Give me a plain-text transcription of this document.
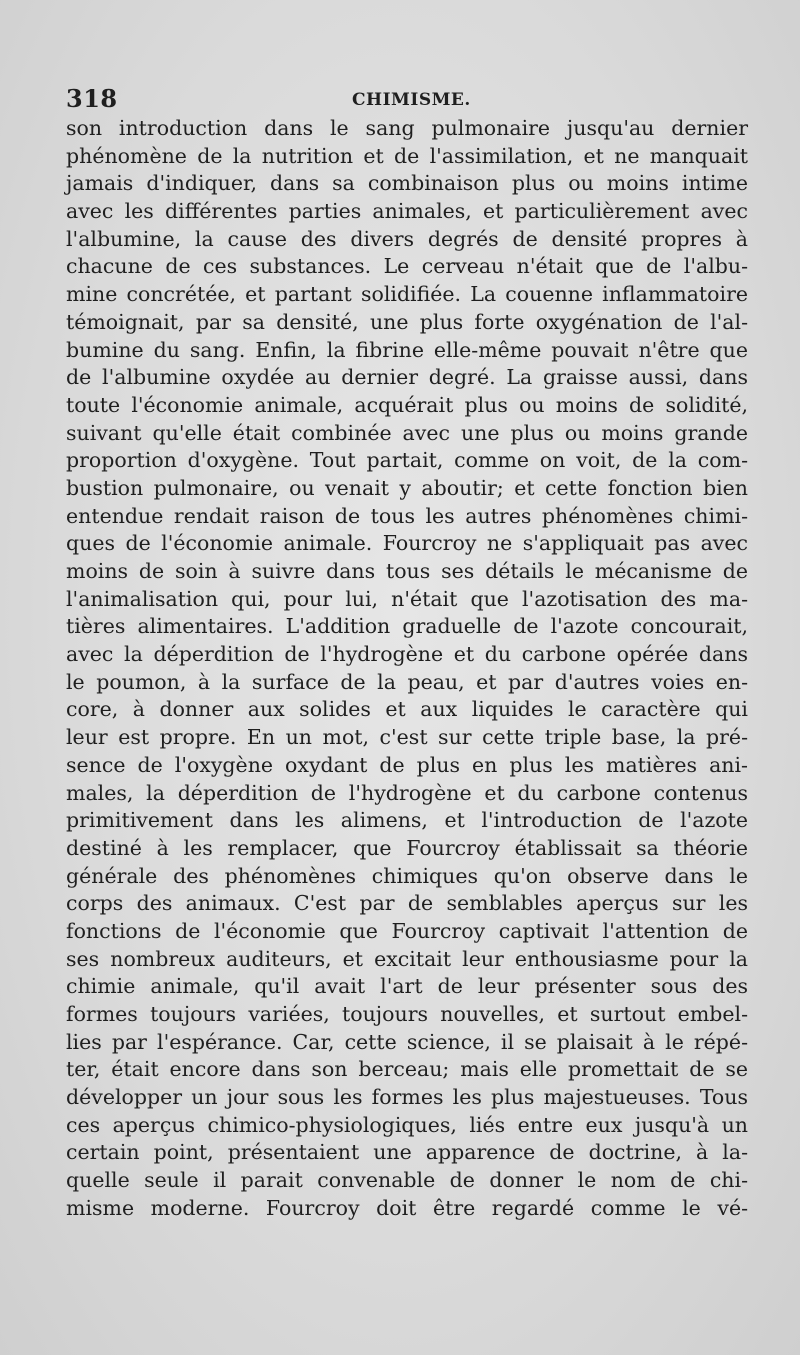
318	CHIMISME.
son introduction dans le sang pulmonaire jusqu'au dernier
phénomène de la nutrition et de l'assimilation, et ne manquait
jamais d'indiquer, dans sa combinaison plus ou moins intime
avec les différentes parties animales, et particulièrement avec
l'albumine, la cause des divers degrés de densité propres à
chacune de ces substances. Le cerveau n'était que de l'albu-
mine concrétée, et partant solidifiée. La couenne inflammatoire
témoignait, par sa densité, une plus forte oxygénation de l'al-
bumine du sang. Enfin, la fibrine elle-même pouvait n'être que
de l'albumine oxydée au dernier degré. La graisse aussi, dans
toute l'économie animale, acquérait plus ou moins de solidité,
suivant qu'elle était combinée avec une plus ou moins grande
proportion d'oxygène. Tout partait, comme on voit, de la com-
bustion pulmonaire, ou venait y aboutir; et cette fonction bien
entendue rendait raison de tous les autres phénomènes chimi-
ques de l'économie animale. Fourcroy ne s'appliquait pas avec
moins de soin à suivre dans tous ses détails le mécanisme de
l'animalisation qui, pour lui, n'était que l'azotisation des ma-
tières alimentaires. L'addition graduelle de l'azote concourait,
avec la déperdition de l'hydrogène et du carbone opérée dans
le poumon, à la surface de la peau, et par d'autres voies en-
core, à donner aux solides et aux liquides le caractère qui
leur est propre. En un mot, c'est sur cette triple base, la pré-
sence de l'oxygène oxydant de plus en plus les matières ani-
males, la déperdition de l'hydrogène et du carbone contenus
primitivement dans les alimens, et l'introduction de l'azote
destiné à les remplacer, que Fourcroy établissait sa théorie
générale des phénomènes chimiques qu'on observe dans le
corps des animaux. C'est par de semblables aperçus sur les
fonctions de l'économie que Fourcroy captivait l'attention de
ses nombreux auditeurs, et excitait leur enthousiasme pour la
chimie animale, qu'il avait l'art de leur présenter sous des
formes toujours variées, toujours nouvelles, et surtout embel-
lies par l'espérance. Car, cette science, il se plaisait à le répé-
ter, était encore dans son berceau; mais elle promettait de se
développer un jour sous les formes les plus majestueuses. Tous
ces aperçus chimico-physiologiques, liés entre eux jusqu'à un
certain point, présentaient une apparence de doctrine, à la-
quelle seule il parait convenable de donner le nom de chi-
misme moderne. Fourcroy doit être regardé comme le vé-
